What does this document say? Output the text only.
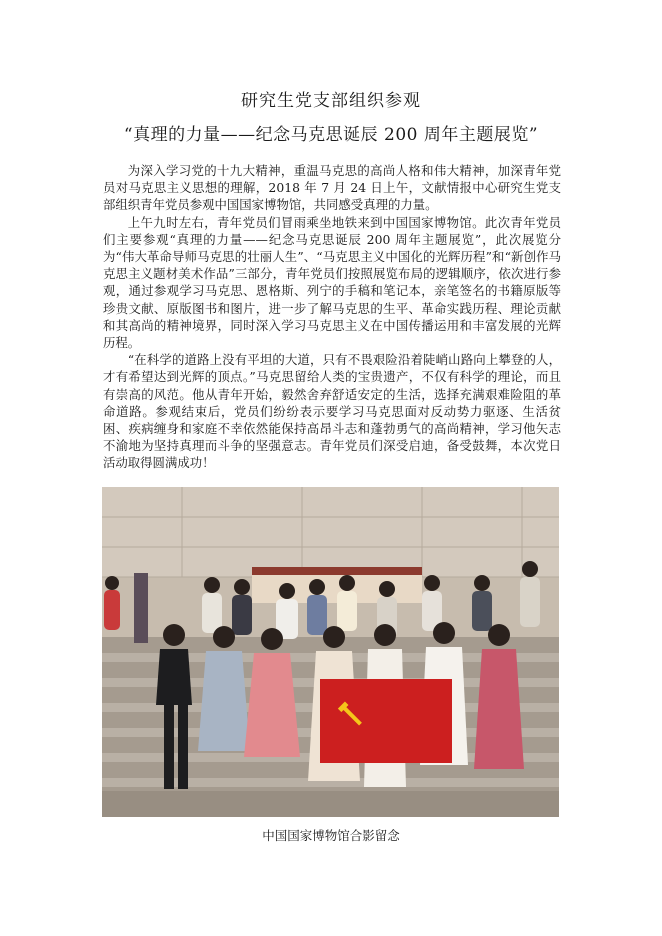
研究生党支部组织参观
“真理的力量——纪念马克思诞辰 200 周年主题展览”

为深入学习党的十九大精神，重温马克思的高尚人格和伟大精神，加深青年党员对马克思主义思想的理解，2018 年 7 月 24 日上午，文献情报中心研究生党支部组织青年党员参观中国国家博物馆，共同感受真理的力量。

上午九时左右，青年党员们冒雨乘坐地铁来到中国国家博物馆。此次青年党员们主要参观“真理的力量——纪念马克思诞辰 200 周年主题展览”，此次展览分为“伟大革命导师马克思的壮丽人生”、“马克思主义中国化的光辉历程”和“新创作马克思主义题材美术作品”三部分，青年党员们按照展览布局的逻辑顺序，依次进行参观，通过参观学习马克思、恩格斯、列宁的手稿和笔记本，亲笔签名的书籍原版等珍贵文献、原版图书和图片，进一步了解马克思的生平、革命实践历程、理论贡献和其高尚的精神境界，同时深入学习马克思主义在中国传播运用和丰富发展的光辉历程。

“在科学的道路上没有平坦的大道，只有不畏艰险沿着陡峭山路向上攀登的人，才有希望达到光辉的顶点。”马克思留给人类的宝贵遗产，不仅有科学的理论，而且有崇高的风范。他从青年开始，毅然舍弃舒适安定的生活，选择充满艰难险阻的革命道路。参观结束后，党员们纷纷表示要学习马克思面对反动势力驱逐、生活贫困、疾病缠身和家庭不幸依然能保持高昂斗志和蓬勃勇气的高尚精神，学习他矢志不渝地为坚持真理而斗争的坚强意志。青年党员们深受启迪，备受鼓舞，本次党日活动取得圆满成功！

中国国家博物馆合影留念
